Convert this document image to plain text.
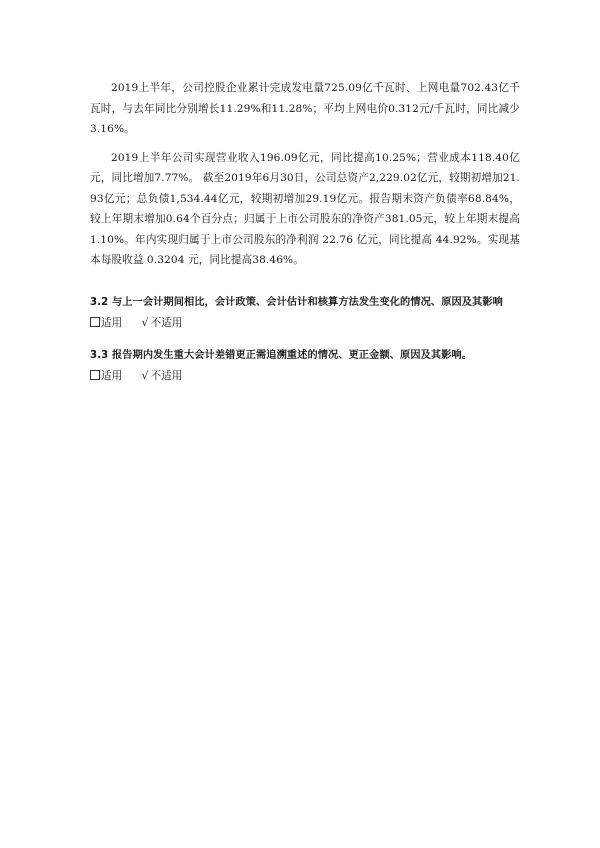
2019上半年，公司控股企业累计完成发电量725.09亿千瓦时、上网电量702.43亿千瓦时，与去年同比分别增长11.29%和11.28%；平均上网电价0.312元/千瓦时，同比减少3.16%。

2019上半年公司实现营业收入196.09亿元，同比提高10.25%；营业成本118.40亿元，同比增加7.77%。 截至2019年6月30日，公司总资产2,229.02亿元，较期初增加21.93亿元；总负债1,534.44亿元，较期初增加29.19亿元。报告期末资产负债率68.84%，较上年期末增加0.64个百分点；归属于上市公司股东的净资产381.05元，较上年期末提高1.10%。年内实现归属于上市公司股东的净利润 22.76 亿元，同比提高 44.92%。实现基本每股收益 0.3204 元，同比提高38.46%。

3.2 与上一会计期间相比，会计政策、会计估计和核算方法发生变化的情况、原因及其影响

适用 √ 不适用

3.3 报告期内发生重大会计差错更正需追溯重述的情况、更正金额、原因及其影响。

适用 √ 不适用
